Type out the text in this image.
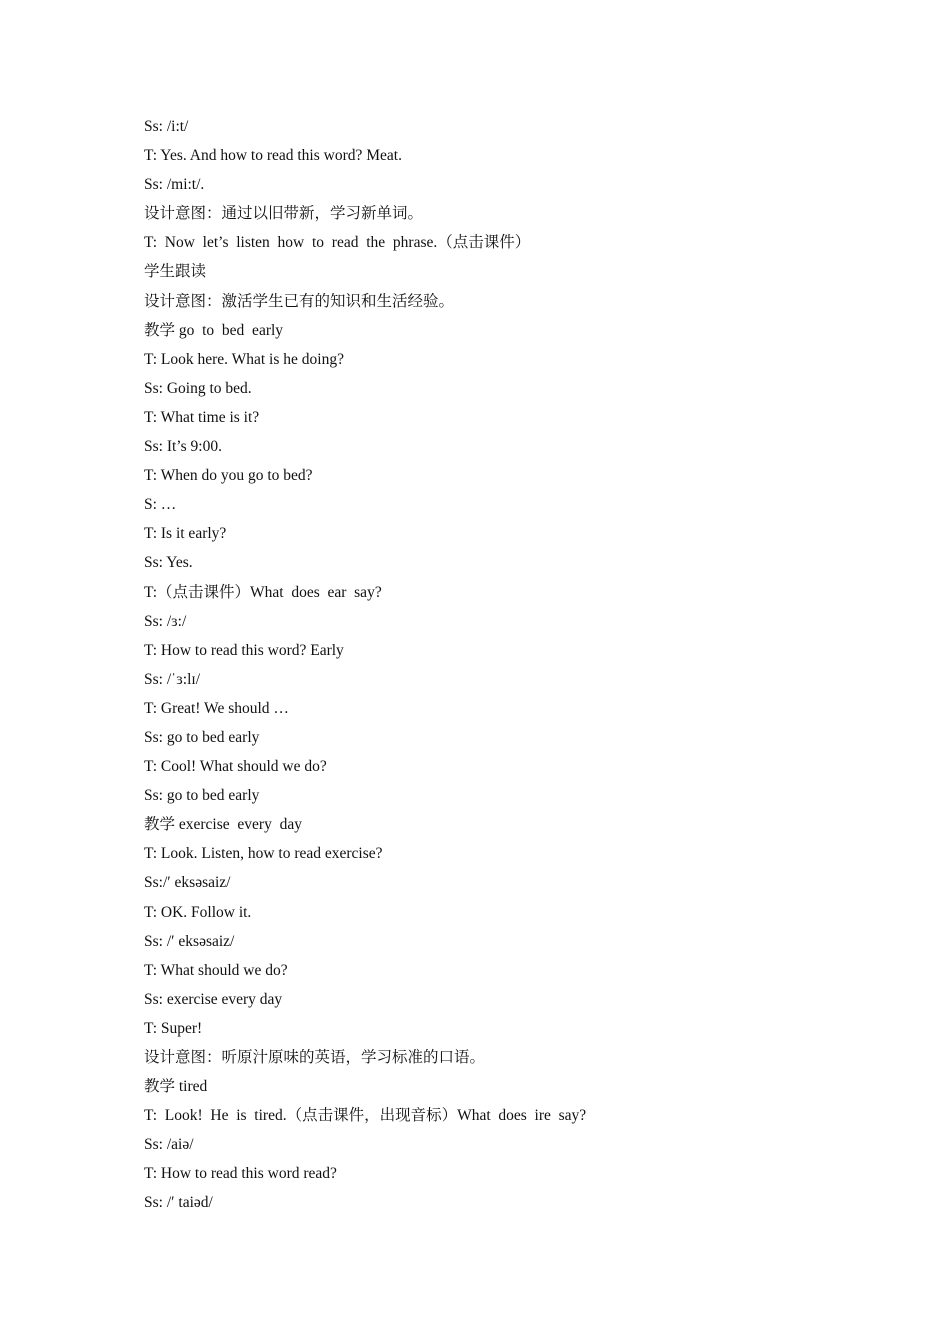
Ss: /i:t/
T: Yes. And how to read this word? Meat.
Ss: /mi:t/.
设计意图：通过以旧带新，学习新单词。
T:  Now  let’s  listen  how  to  read  the  phrase.（点击课件）
学生跟读
设计意图：激活学生已有的知识和生活经验。
教学 go  to  bed  early
T: Look here. What is he doing?
Ss: Going to bed.
T: What time is it?
Ss: It’s 9:00.
T: When do you go to bed?
S: …
T: Is it early?
Ss: Yes.
T:（点击课件）What  does  ear  say?
Ss: /ɜ:/
T: How to read this word? Early
Ss: /ˈɜ:lɪ/
T: Great! We should …
Ss: go to bed early
T: Cool! What should we do?
Ss: go to bed early
教学 exercise  every  day
T: Look. Listen, how to read exercise?
Ss:/′ eksəsaiz/
T: OK. Follow it.
Ss: /′ eksəsaiz/
T: What should we do?
Ss: exercise every day
T: Super!
设计意图：听原汁原味的英语，学习标准的口语。
教学 tired
T:  Look!  He  is  tired.（点击课件，出现音标）What  does  ire  say?
Ss: /aiə/
T: How to read this word read?
Ss: /′ taiəd/
